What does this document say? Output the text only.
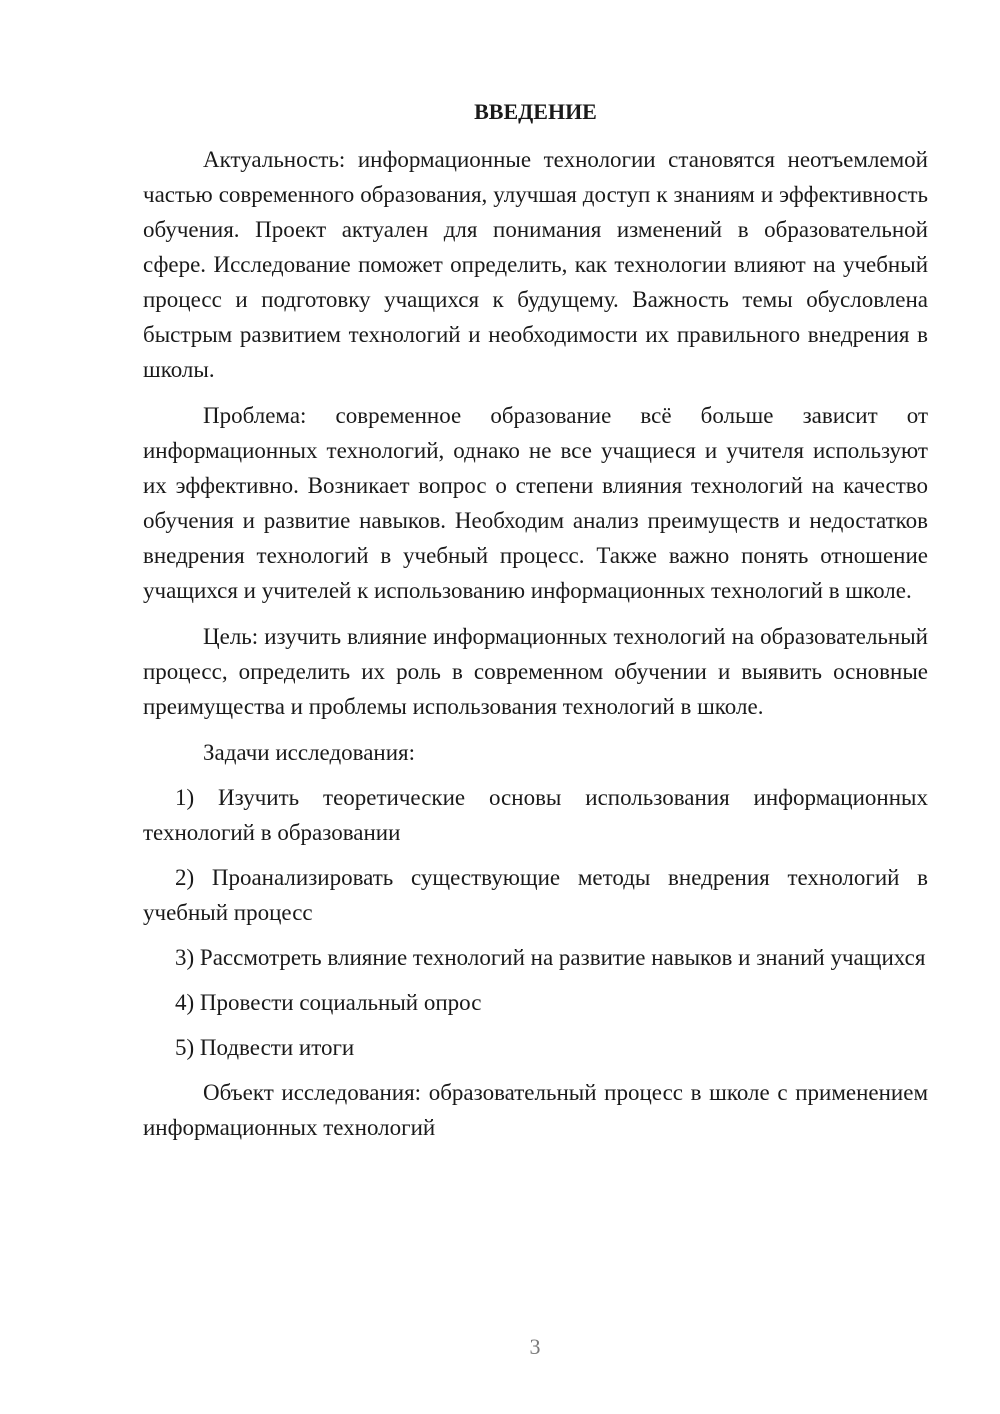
ВВЕДЕНИЕ

Актуальность: информационные технологии становятся неотъемлемой частью современного образования, улучшая доступ к знаниям и эффективность обучения. Проект актуален для понимания изменений в образовательной сфере. Исследование поможет определить, как технологии влияют на учебный процесс и подготовку учащихся к будущему. Важность темы обусловлена быстрым развитием технологий и необходимости их правильного внедрения в школы.

Проблема: современное образование всё больше зависит от информационных технологий, однако не все учащиеся и учителя используют их эффективно. Возникает вопрос о степени влияния технологий на качество обучения и развитие навыков. Необходим анализ преимуществ и недостатков внедрения технологий в учебный процесс. Также важно понять отношение учащихся и учителей к использованию информационных технологий в школе.

Цель: изучить влияние информационных технологий на образовательный процесс, определить их роль в современном обучении и выявить основные преимущества и проблемы использования технологий в школе.

Задачи исследования:

1) Изучить теоретические основы использования информационных технологий в образовании

2) Проанализировать существующие методы внедрения технологий в учебный процесс

3) Рассмотреть влияние технологий на развитие навыков и знаний учащихся

4) Провести социальный опрос

5) Подвести итоги

Объект исследования: образовательный процесс в школе с применением информационных технологий

3
